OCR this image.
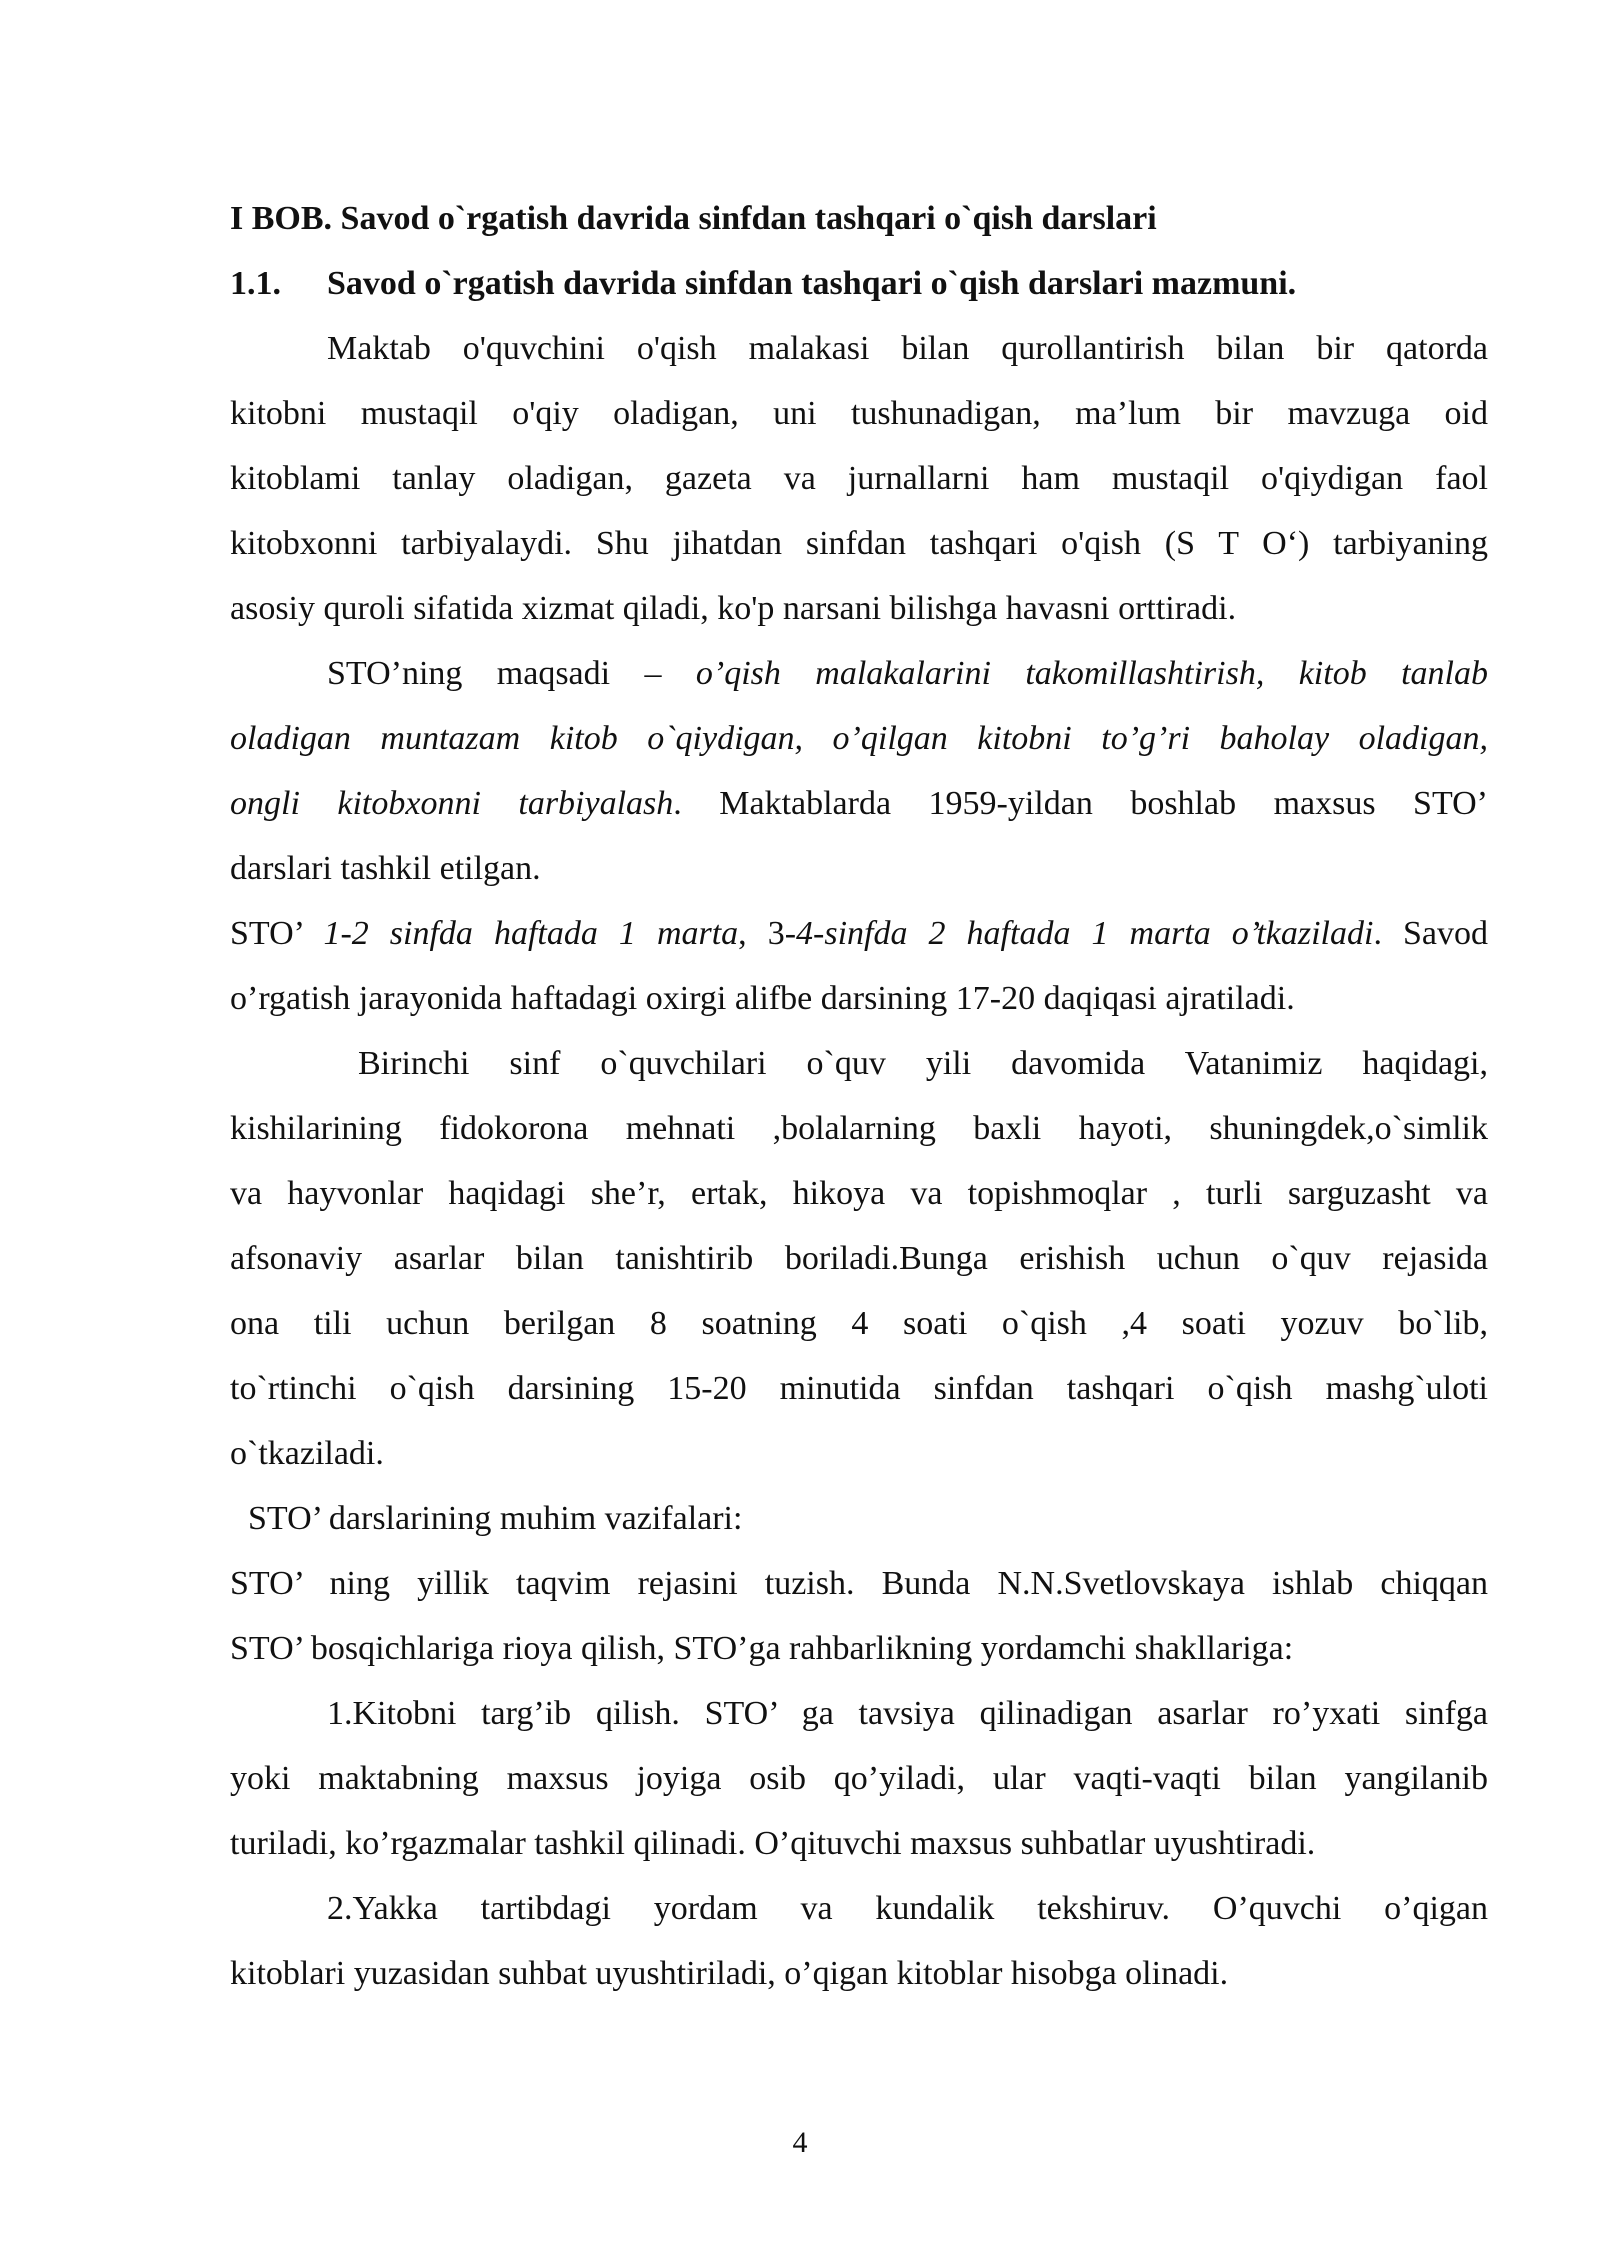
I BOB. Savod o`rgatish davrida sinfdan tashqari o`qish darslari
1.1. Savod o`rgatish davrida sinfdan tashqari o`qish darslari mazmuni.
Maktab o'quvchini o'qish malakasi bilan qurollantirish bilan bir qatorda
kitobni mustaqil o'qiy oladigan, uni tushunadigan, ma’lum bir mavzuga oid
kitoblami tanlay oladigan, gazeta va jurnallarni ham mustaqil o'qiydigan faol
kitobxonni tarbiyalaydi. Shu jihatdan sinfdan tashqari o'qish (S T O‘) tarbiyaning
asosiy quroli sifatida xizmat qiladi, ko'p narsani bilishga havasni orttiradi.
STO’ning maqsadi – o’qish malakalarini takomillashtirish, kitob tanlab
oladigan muntazam kitob o`qiydigan, o’qilgan kitobni to’g’ri baholay oladigan,
ongli kitobxonni tarbiyalash. Maktablarda 1959-yildan boshlab maxsus STO’
darslari tashkil etilgan.
STO’ 1-2 sinfda haftada 1 marta, 3-4-sinfda 2 haftada 1 marta o’tkaziladi. Savod
o’rgatish jarayonida haftadagi oxirgi alifbe darsining 17-20 daqiqasi ajratiladi.
Birinchi sinf o`quvchilari o`quv yili davomida Vatanimiz haqidagi,
kishilarining fidokorona mehnati ,bolalarning baxli hayoti, shuningdek,o`simlik
va hayvonlar haqidagi she’r, ertak, hikoya va topishmoqlar , turli sarguzasht va
afsonaviy asarlar bilan tanishtirib boriladi.Bunga erishish uchun o`quv rejasida
ona tili uchun berilgan 8 soatning 4 soati o`qish ,4 soati yozuv bo`lib,
to`rtinchi o`qish darsining 15-20 minutida sinfdan tashqari o`qish mashg`uloti
o`tkaziladi.
STO’ darslarining muhim vazifalari:
STO’ ning yillik taqvim rejasini tuzish. Bunda N.N.Svetlovskaya ishlab chiqqan
STO’ bosqichlariga rioya qilish, STO’ga rahbarlikning yordamchi shakllariga:
1.Kitobni targ’ib qilish. STO’ ga tavsiya qilinadigan asarlar ro’yxati sinfga
yoki maktabning maxsus joyiga osib qo’yiladi, ular vaqti-vaqti bilan yangilanib
turiladi, ko’rgazmalar tashkil qilinadi. O’qituvchi maxsus suhbatlar uyushtiradi.
2.Yakka tartibdagi yordam va kundalik tekshiruv. O’quvchi o’qigan
kitoblari yuzasidan suhbat uyushtiriladi, o’qigan kitoblar hisobga olinadi.
4
